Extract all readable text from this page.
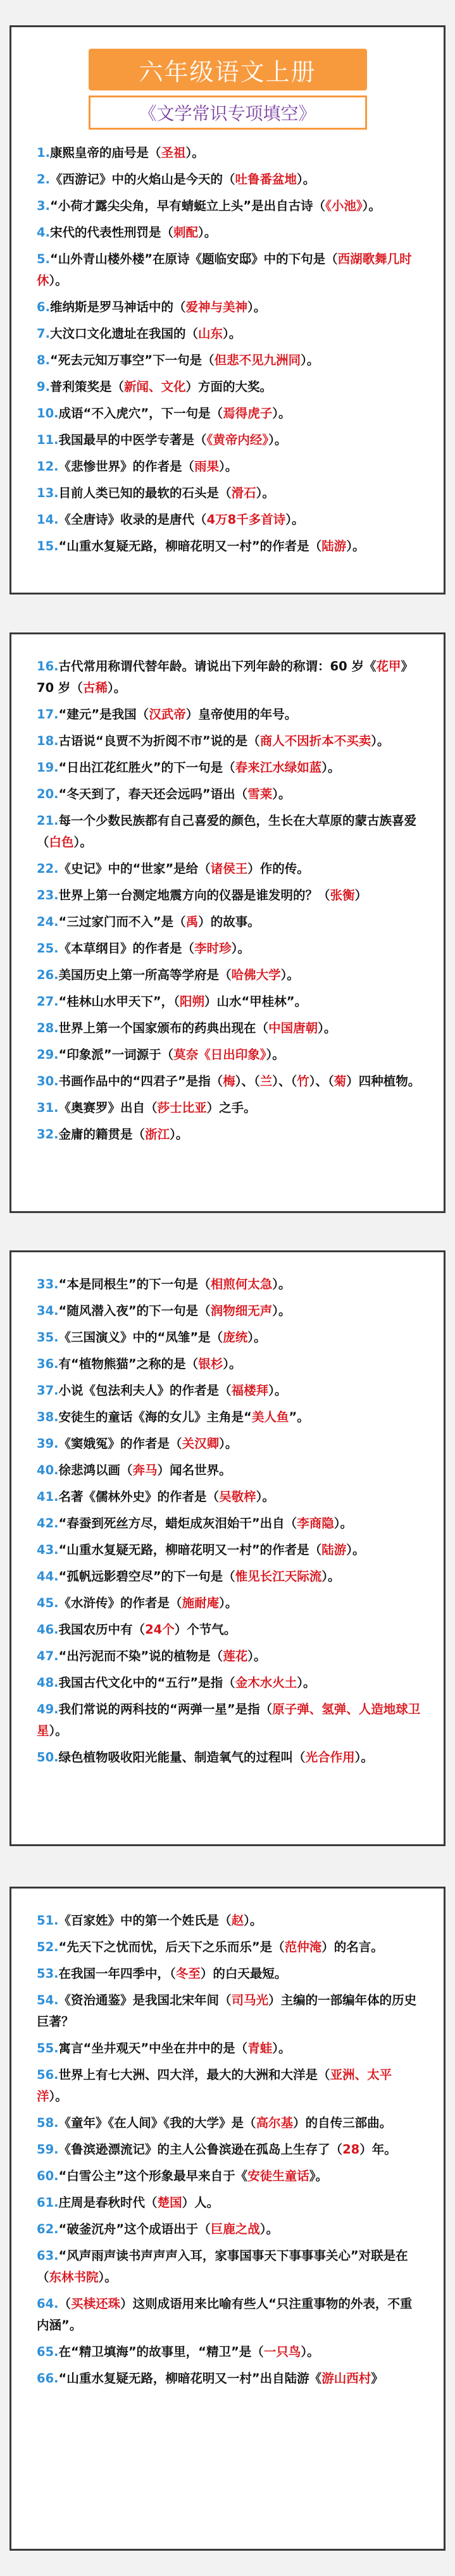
六年级语文上册
《文学常识专项填空》
1.康熙皇帝的庙号是（圣祖）。
2.《西游记》中的火焰山是今天的（吐鲁番盆地）。
3.“小荷才露尖尖角，早有蜻蜓立上头”是出自古诗（《小池》）。
4.宋代的代表性刑罚是（刺配）。
5.“山外青山楼外楼”在原诗《题临安邸》中的下句是（西湖歌舞几时休）。
6.维纳斯是罗马神话中的（爱神与美神）。
7.大汶口文化遗址在我国的（山东）。
8.“死去元知万事空”下一句是（但悲不见九洲同）。
9.普利策奖是（新闻、文化）方面的大奖。
10.成语“不入虎穴”，下一句是（焉得虎子）。
11.我国最早的中医学专著是（《黄帝内经》）。
12.《悲惨世界》的作者是（雨果）。
13.目前人类已知的最软的石头是（滑石）。
14.《全唐诗》收录的是唐代（4万8千多首诗）。
15.“山重水复疑无路，柳暗花明又一村”的作者是（陆游）。
16.古代常用称谓代替年龄。请说出下列年龄的称谓：60 岁《花甲》70 岁（古稀）。
17.“建元”是我国（汉武帝）皇帝使用的年号。
18.古语说“良贾不为折阅不市”说的是（商人不因折本不买卖）。
19.“日出江花红胜火”的下一句是（春来江水绿如蓝）。
20.“冬天到了，春天还会远吗”语出（雪莱）。
21.每一个少数民族都有自己喜爱的颜色，生长在大草原的蒙古族喜爱（白色）。
22.《史记》中的“世家”是给（诸侯王）作的传。
23.世界上第一台测定地震方向的仪器是谁发明的？（张衡）
24.“三过家门而不入”是（禹）的故事。
25.《本草纲目》的作者是（李时珍）。
26.美国历史上第一所高等学府是（哈佛大学）。
27.“桂林山水甲天下”，（阳朔）山水“甲桂林”。
28.世界上第一个国家颁布的药典出现在（中国唐朝）。
29.“印象派”一词源于（莫奈《日出印象》）。
30.书画作品中的“四君子”是指（梅）、（兰）、（竹）、（菊）四种植物。
31.《奥赛罗》出自（莎士比亚）之手。
32.金庸的籍贯是（浙江）。
33.“本是同根生”的下一句是（相煎何太急）。
34.“随风潜入夜”的下一句是（润物细无声）。
35.《三国演义》中的“凤雏”是（庞统）。
36.有“植物熊猫”之称的是（银杉）。
37.小说《包法利夫人》的作者是（福楼拜）。
38.安徒生的童话《海的女儿》主角是“美人鱼”。
39.《窦娥冤》的作者是（关汉卿）。
40.徐悲鸿以画（奔马）闻名世界。
41.名著《儒林外史》的作者是（吴敬梓）。
42.“春蚕到死丝方尽，蜡炬成灰泪始干”出自（李商隐）。
43.“山重水复疑无路，柳暗花明又一村”的作者是（陆游）。
44.“孤帆远影碧空尽”的下一句是（惟见长江天际流）。
45.《水浒传》的作者是（施耐庵）。
46.我国农历中有（24个）个节气。
47.“出污泥而不染”说的植物是（莲花）。
48.我国古代文化中的“五行”是指（金木水火土）。
49.我们常说的两科技的“两弹一星”是指（原子弹、氢弹、人造地球卫星）。
50.绿色植物吸收阳光能量、制造氧气的过程叫（光合作用）。
51.《百家姓》中的第一个姓氏是（赵）。
52.“先天下之忧而忧，后天下之乐而乐”是（范仲淹）的名言。
53.在我国一年四季中，（冬至）的白天最短。
54.《资治通鉴》是我国北宋年间（司马光）主编的一部编年体的历史巨著？
55.寓言“坐井观天”中坐在井中的是（青蛙）。
56.世界上有七大洲、四大洋，最大的大洲和大洋是（亚洲、太平洋）。
58.《童年》《在人间》《我的大学》是（高尔基）的自传三部曲。
59.《鲁滨逊漂流记》的主人公鲁滨逊在孤岛上生存了（28）年。
60.“白雪公主”这个形象最早来自于《安徒生童话》。
61.庄周是春秋时代（楚国）人。
62.“破釜沉舟”这个成语出于（巨鹿之战）。
63.“风声雨声读书声声声入耳，家事国事天下事事事关心”对联是在（东林书院）。
64.（买椟还珠）这则成语用来比喻有些人“只注重事物的外表，不重内涵”。
65.在“精卫填海”的故事里，“精卫”是（一只鸟）。
66.“山重水复疑无路，柳暗花明又一村”出自陆游《游山西村》
